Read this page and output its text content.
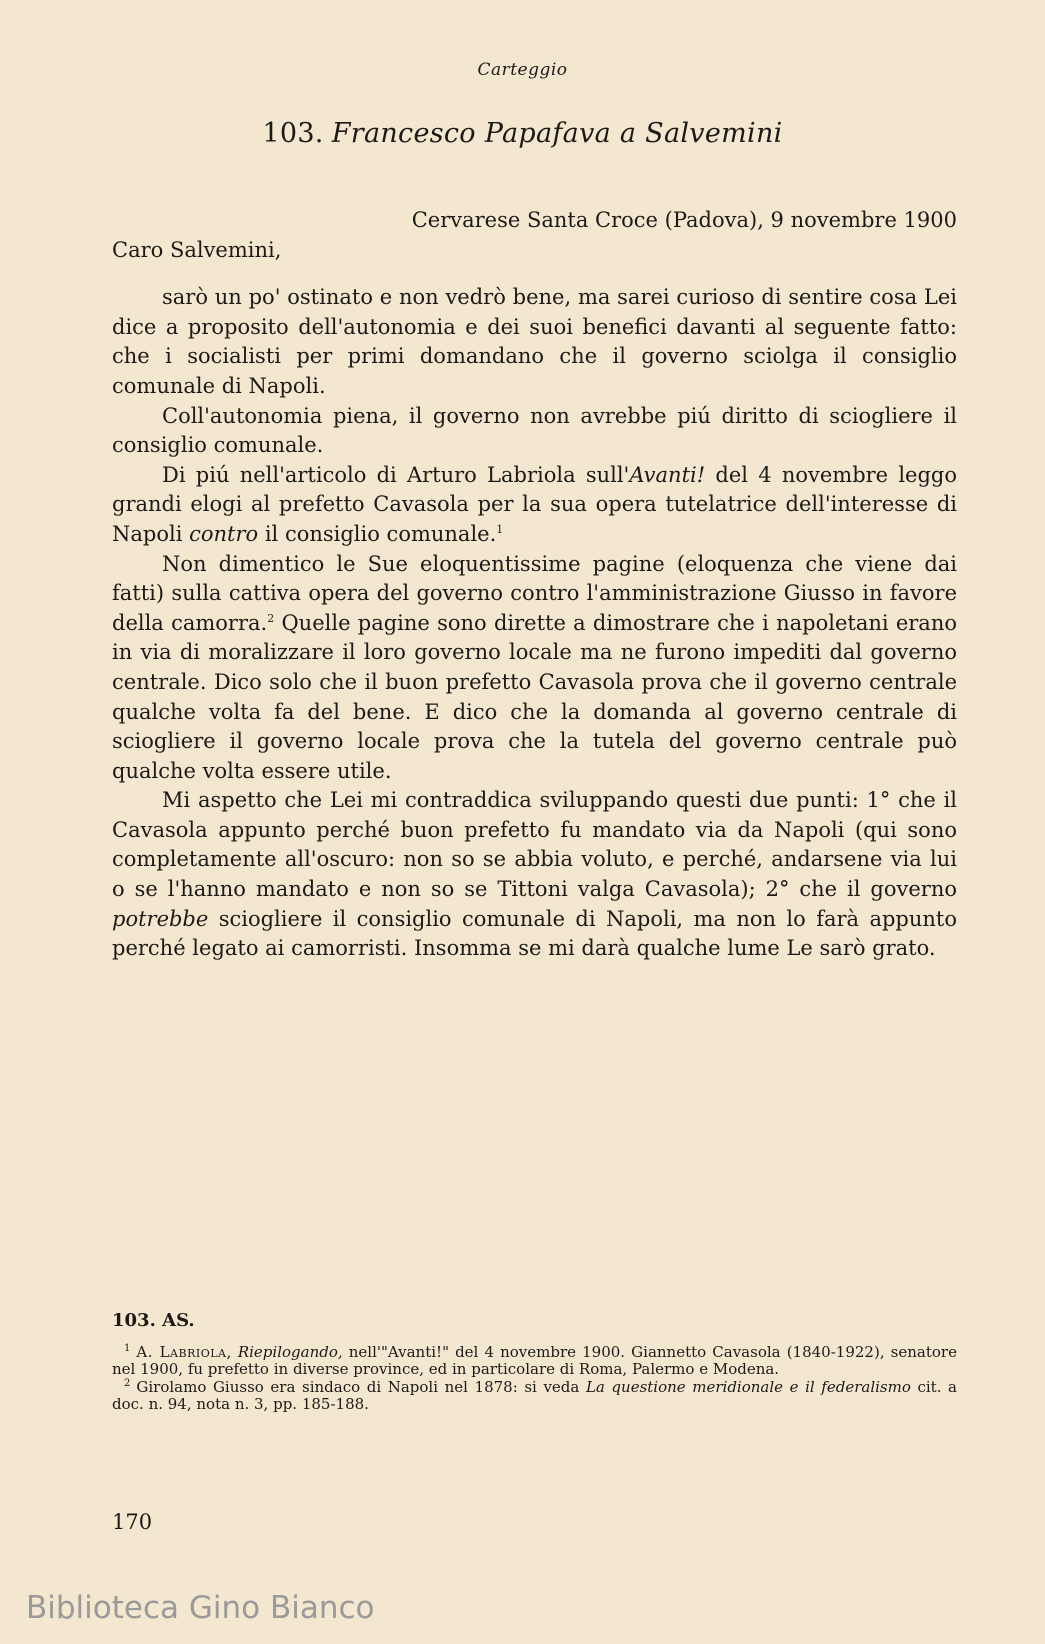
Carteggio
103. Francesco Papafava a Salvemini

Cervarese Santa Croce (Padova), 9 novembre 1900

Caro Salvemini,

sarò un po' ostinato e non vedrò bene, ma sarei curioso di sentire cosa Lei dice a proposito dell'autonomia e dei suoi benefici davanti al seguente fatto: che i socialisti per primi domandano che il governo sciolga il consiglio comunale di Napoli.

Coll'autonomia piena, il governo non avrebbe piú diritto di sciogliere il consiglio comunale.

Di piú nell'articolo di Arturo Labriola sull'Avanti! del 4 novembre leggo grandi elogi al prefetto Cavasola per la sua opera tutelatrice dell'interesse di Napoli contro il consiglio comunale.$^1$

Non dimentico le Sue eloquentissime pagine (eloquenza che viene dai fatti) sulla cattiva opera del governo contro l'amministrazione Giusso in favore della camorra.$^2$ Quelle pagine sono dirette a dimostrare che i napoletani erano in via di moralizzare il loro governo locale ma ne furono impediti dal governo centrale. Dico solo che il buon prefetto Cavasola prova che il governo centrale qualche volta fa del bene. E dico che la domanda al governo centrale di sciogliere il governo locale prova che la tutela del governo centrale può qualche volta essere utile.

Mi aspetto che Lei mi contraddica sviluppando questi due punti: 1° che il Cavasola appunto perché buon prefetto fu mandato via da Napoli (qui sono completamente all'oscuro: non so se abbia voluto, e perché, andarsene via lui o se l'hanno mandato e non so se Tittoni valga Cavasola); 2° che il governo potrebbe sciogliere il consiglio comunale di Napoli, ma non lo farà appunto perché legato ai camorristi. Insomma se mi darà qualche lume Le sarò grato.

103. AS.

$^1$ A. Labriola, Riepilogando, nell'"Avanti!" del 4 novembre 1900. Giannetto Cavasola (1840-1922), senatore nel 1900, fu prefetto in diverse province, ed in particolare di Roma, Palermo e Modena.

$^2$ Girolamo Giusso era sindaco di Napoli nel 1878: si veda La questione meridionale e il federalismo cit. a doc. n. 94, nota n. 3, pp. 185-188.

170
Biblioteca Gino Bianco
